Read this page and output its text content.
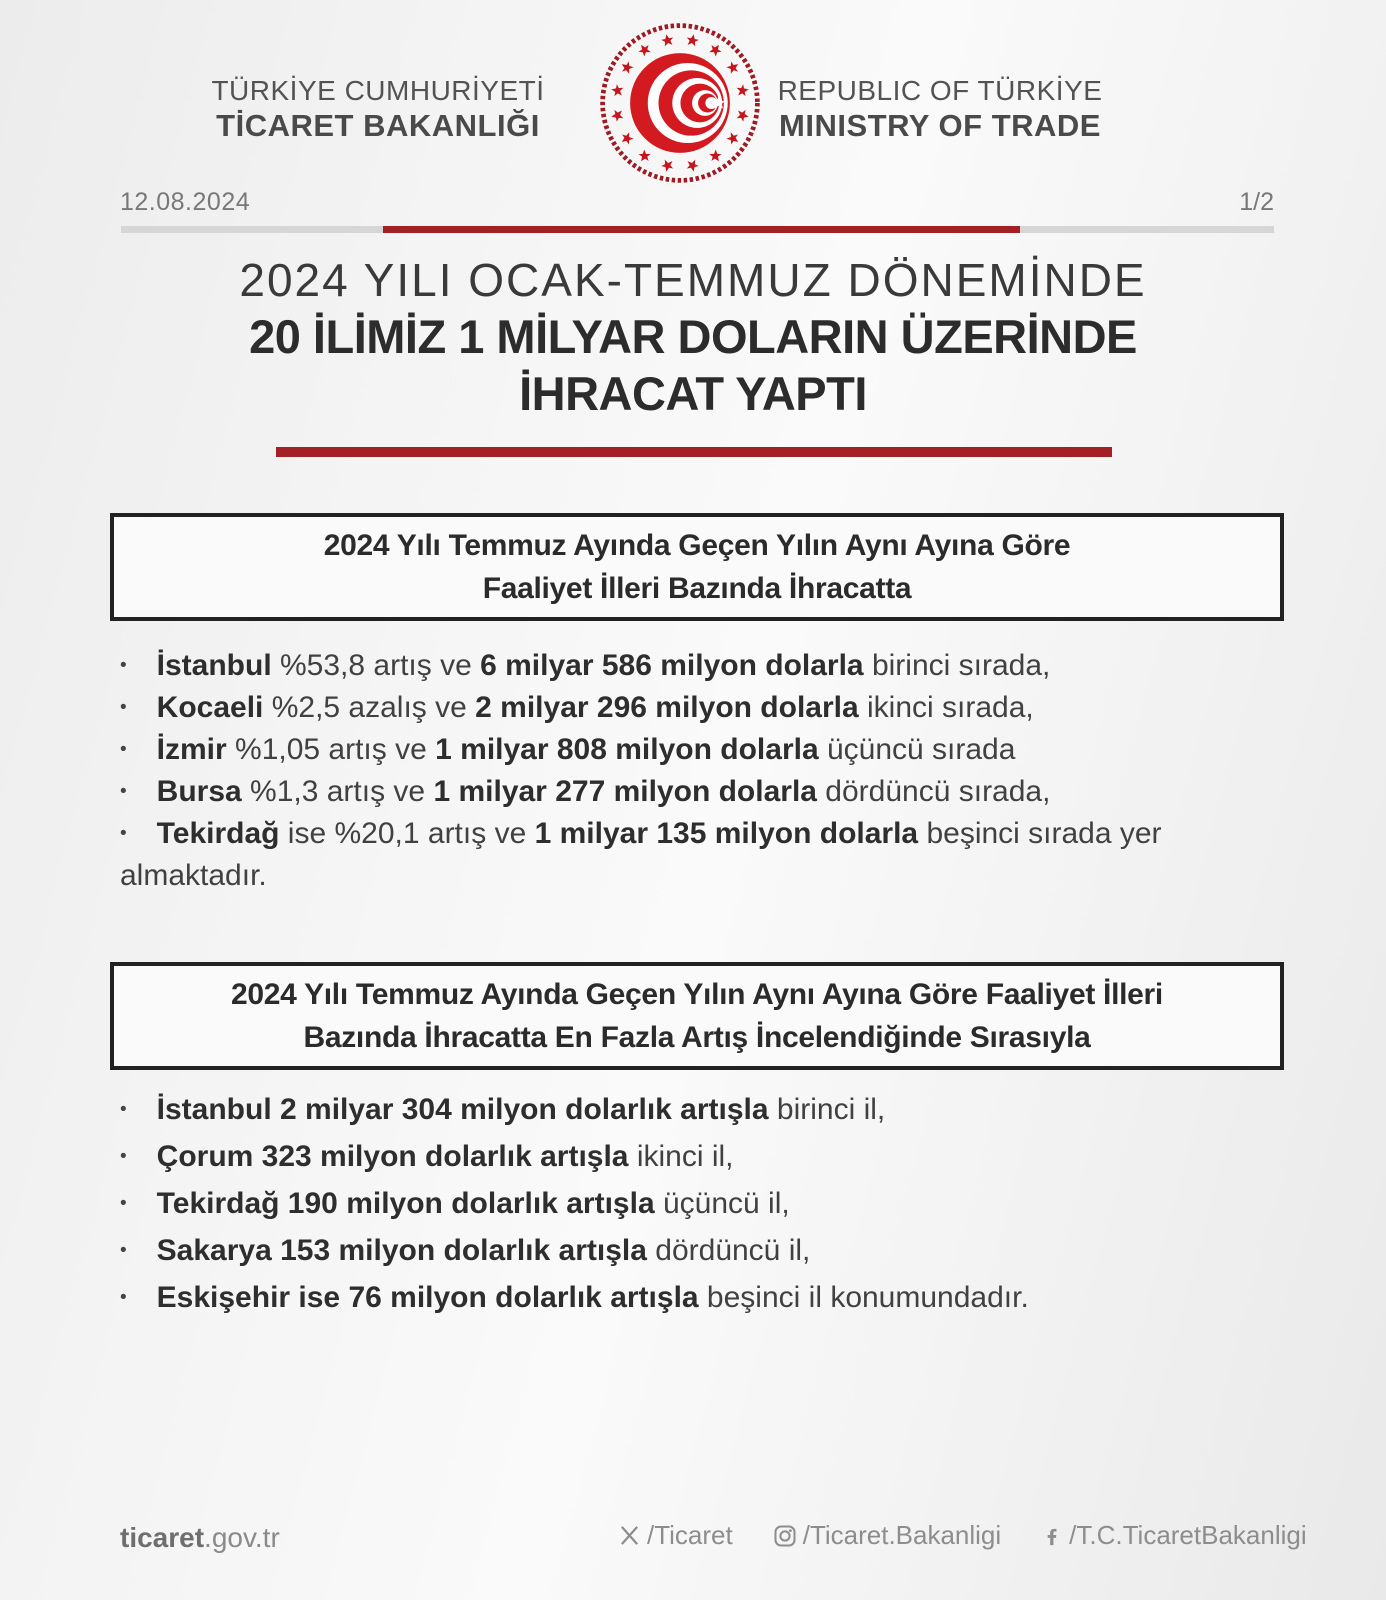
TÜRKİYE CUMHURİYETİ
TİCARET BAKANLIĞI
REPUBLIC OF TÜRKİYE
MINISTRY OF TRADE
12.08.2024	1/2
2024 YILI OCAK-TEMMUZ DÖNEMİNDE
20 İLİMİZ 1 MİLYAR DOLARIN ÜZERİNDE
İHRACAT YAPTI
2024 Yılı Temmuz Ayında Geçen Yılın Aynı Ayına Göre
Faaliyet İlleri Bazında İhracatta
• İstanbul %53,8 artış ve 6 milyar 586 milyon dolarla birinci sırada,
• Kocaeli %2,5 azalış ve 2 milyar 296 milyon dolarla ikinci sırada,
• İzmir %1,05 artış ve 1 milyar 808 milyon dolarla üçüncü sırada
• Bursa %1,3 artış ve 1 milyar 277 milyon dolarla dördüncü sırada,
• Tekirdağ ise %20,1 artış ve 1 milyar 135 milyon dolarla beşinci sırada yer almaktadır.
2024 Yılı Temmuz Ayında Geçen Yılın Aynı Ayına Göre Faaliyet İlleri
Bazında İhracatta En Fazla Artış İncelendiğinde Sırasıyla
• İstanbul 2 milyar 304 milyon dolarlık artışla birinci il,
• Çorum 323 milyon dolarlık artışla ikinci il,
• Tekirdağ 190 milyon dolarlık artışla üçüncü il,
• Sakarya 153 milyon dolarlık artışla dördüncü il,
• Eskişehir ise 76 milyon dolarlık artışla beşinci il konumundadır.
ticaret.gov.tr	/Ticaret	/Ticaret.Bakanligi	/T.C.TicaretBakanligi
